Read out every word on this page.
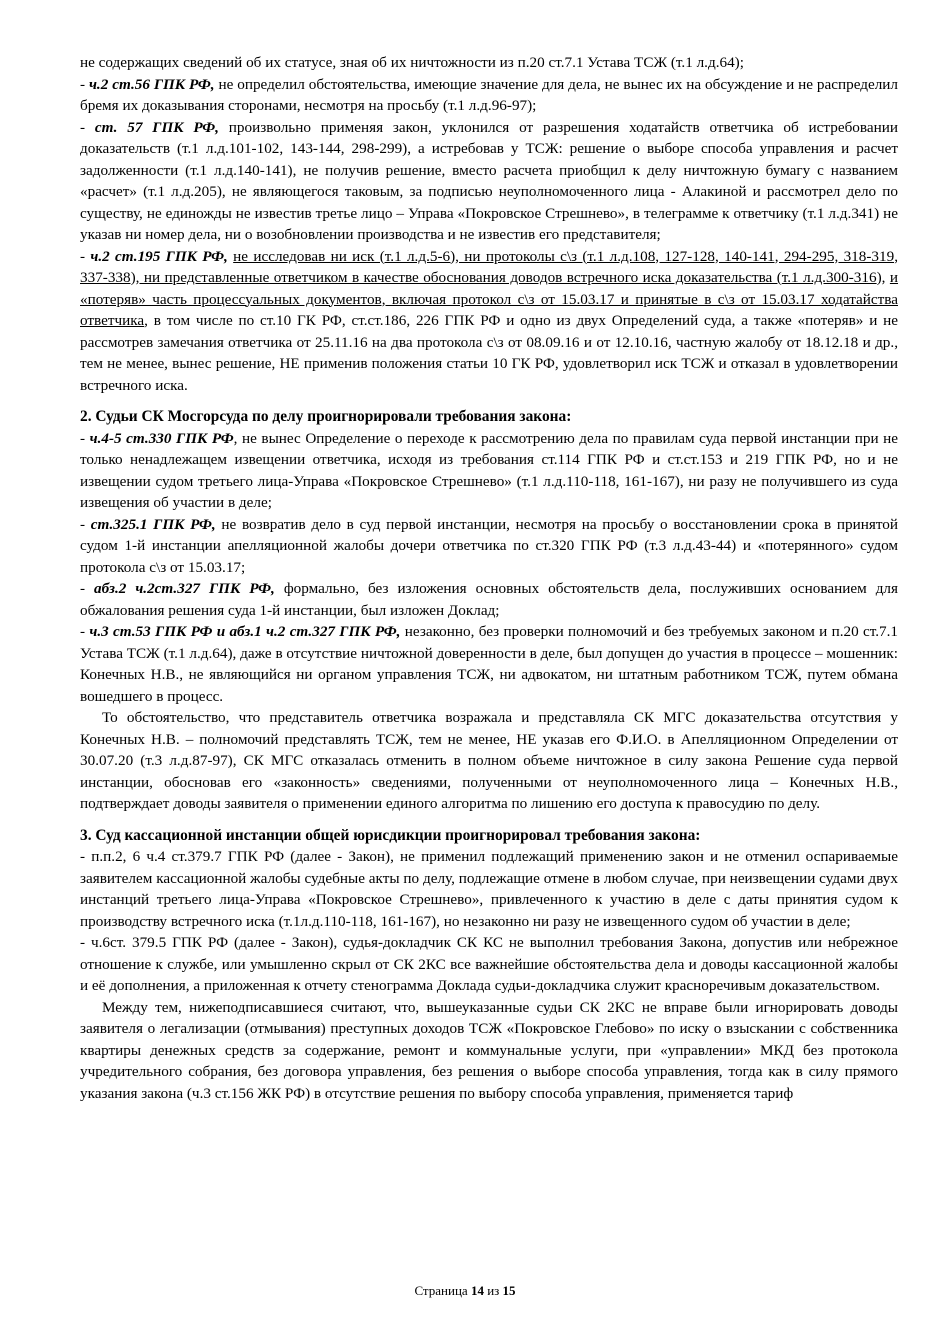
не содержащих сведений об их статусе, зная об их ничтожности из п.20 ст.7.1 Устава ТСЖ (т.1 л.д.64);

- ч.2 ст.56 ГПК РФ, не определил обстоятельства, имеющие значение для дела, не вынес их на обсуждение и не распределил бремя их доказывания сторонами, несмотря на просьбу (т.1 л.д.96-97);

- ст. 57 ГПК РФ, произвольно применяя закон, уклонился от разрешения ходатайств ответчика об истребовании доказательств (т.1 л.д.101-102, 143-144, 298-299), а истребовав у ТСЖ: решение о выборе способа управления и расчет задолженности (т.1 л.д.140-141), не получив решение, вместо расчета приобщил к делу ничтожную бумагу с названием «расчет» (т.1 л.д.205), не являющегося таковым, за подписью неуполномоченного лица - Алакиной и рассмотрел дело по существу, не единожды не известив третье лицо – Управа «Покровское Стрешнево», в телеграмме к ответчику (т.1 л.д.341) не указав ни номер дела, ни о возобновлении производства и не известив его представителя;

- ч.2 ст.195 ГПК РФ, не исследовав ни иск (т.1 л.д.5-6), ни протоколы с\з (т.1 л.д.108, 127-128, 140-141, 294-295, 318-319, 337-338), ни представленные ответчиком в качестве обоснования доводов встречного иска доказательства (т.1 л.д.300-316), и «потеряв» часть процессуальных документов, включая протокол с\з от 15.03.17 и принятые в с\з от 15.03.17 ходатайства ответчика, в том числе по ст.10 ГК РФ, ст.ст.186, 226 ГПК РФ и одно из двух Определений суда, а также «потеряв» и не рассмотрев замечания ответчика от 25.11.16 на два протокола с\з от 08.09.16 и от 12.10.16, частную жалобу от 18.12.18 и др., тем не менее, вынес решение, НЕ применив положения статьи 10 ГК РФ, удовлетворил иск ТСЖ и отказал в удовлетворении встречного иска.

2. Судьи СК Мосгорсуда по делу проигнорировали требования закона:

- ч.4-5 ст.330 ГПК РФ, не вынес Определение о переходе к рассмотрению дела по правилам суда первой инстанции при не только ненадлежащем извещении ответчика, исходя из требования ст.114 ГПК РФ и ст.ст.153 и 219 ГПК РФ, но и не извещении судом третьего лица-Управа «Покровское Стрешнево» (т.1 л.д.110-118, 161-167), ни разу не получившего из суда извещения об участии в деле;

- ст.325.1 ГПК РФ, не возвратив дело в суд первой инстанции, несмотря на просьбу о восстановлении срока в принятой судом 1-й инстанции апелляционной жалобы дочери ответчика по ст.320 ГПК РФ (т.3 л.д.43-44) и «потерянного» судом протокола с\з от 15.03.17;

- абз.2 ч.2ст.327 ГПК РФ, формально, без изложения основных обстоятельств дела, послуживших основанием для обжалования решения суда 1-й инстанции, был изложен Доклад;

- ч.3 ст.53 ГПК РФ и абз.1 ч.2 ст.327 ГПК РФ, незаконно, без проверки полномочий и без требуемых законом и п.20 ст.7.1 Устава ТСЖ (т.1 л.д.64), даже в отсутствие ничтожной доверенности в деле, был допущен до участия в процессе – мошенник: Конечных Н.В., не являющийся ни органом управления ТСЖ, ни адвокатом, ни штатным работником ТСЖ, путем обмана вошедшего в процесс.

То обстоятельство, что представитель ответчика возражала и представляла СК МГС доказательства отсутствия у Конечных Н.В. – полномочий представлять ТСЖ, тем не менее, НЕ указав его Ф.И.О. в Апелляционном Определении от 30.07.20 (т.3 л.д.87-97), СК МГС отказалась отменить в полном объеме ничтожное в силу закона Решение суда первой инстанции, обосновав его «законность» сведениями, полученными от неуполномоченного лица – Конечных Н.В., подтверждает доводы заявителя о применении единого алгоритма по лишению его доступа к правосудию по делу.

3. Суд кассационной инстанции общей юрисдикции проигнорировал требования закона:

- п.п.2, 6 ч.4 ст.379.7 ГПК РФ (далее - Закон), не применил подлежащий применению закон и не отменил оспариваемые заявителем кассационной жалобы судебные акты по делу, подлежащие отмене в любом случае, при неизвещении судами двух инстанций третьего лица-Управа «Покровское Стрешнево», привлеченного к участию в деле с даты принятия судом к производству встречного иска (т.1л.д.110-118, 161-167), но незаконно ни разу не извещенного судом об участии в деле;

- ч.6ст. 379.5 ГПК РФ (далее - Закон), судья-докладчик СК КС не выполнил требования Закона, допустив или небрежное отношение к службе, или умышленно скрыл от СК 2КС все важнейшие обстоятельства дела и доводы кассационной жалобы и её дополнения, а приложенная к отчету стенограмма Доклада судьи-докладчика служит красноречивым доказательством.

Между тем, нижеподписавшиеся считают, что, вышеуказанные судьи СК 2КС не вправе были игнорировать доводы заявителя о легализации (отмывания) преступных доходов ТСЖ «Покровское Глебово» по иску о взыскании с собственника квартиры денежных средств за содержание, ремонт и коммунальные услуги, при «управлении» МКД без протокола учредительного собрания, без договора управления, без решения о выборе способа управления, тогда как в силу прямого указания закона (ч.3 ст.156 ЖК РФ) в отсутствие решения по выбору способа управления, применяется тариф

Страница 14 из 15
